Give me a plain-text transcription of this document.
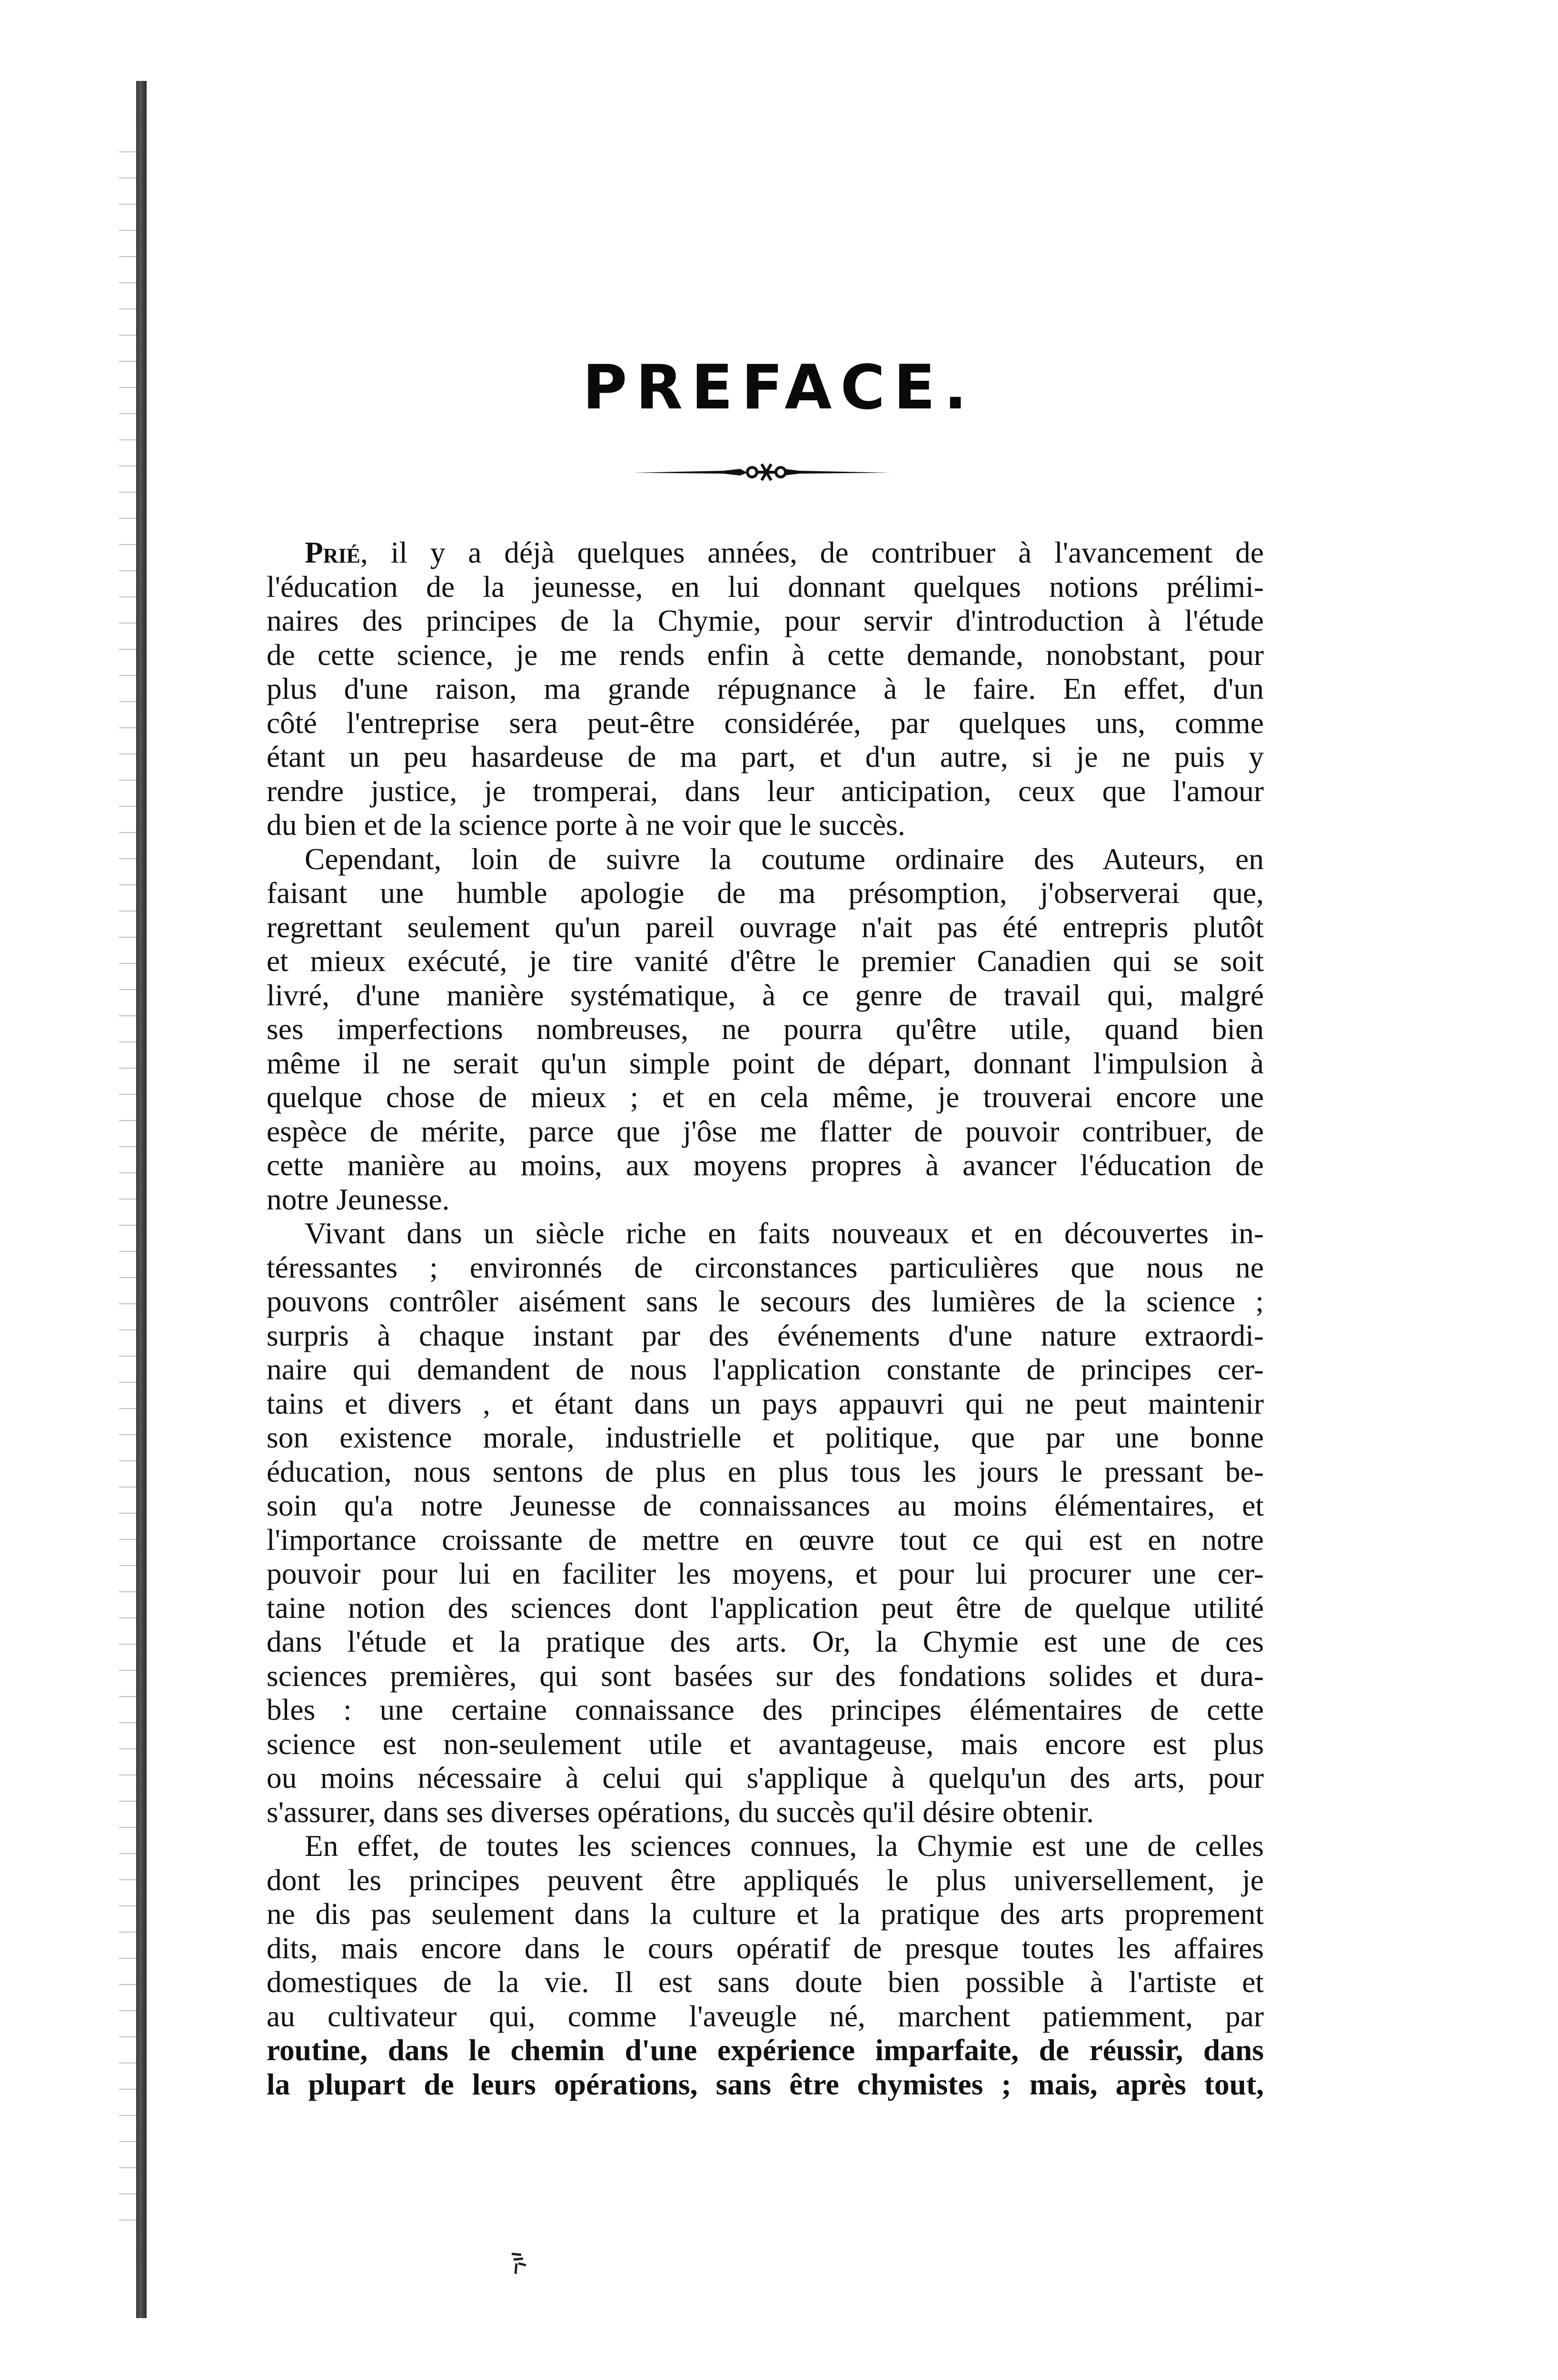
PREFACE.
Prié, il y a déjà quelques années, de contribuer à l'avancement de
l'éducation de la jeunesse, en lui donnant quelques notions prélimi-
naires des principes de la Chymie, pour servir d'introduction à l'étude
de cette science, je me rends enfin à cette demande, nonobstant, pour
plus d'une raison, ma grande répugnance à le faire. En effet, d'un
côté l'entreprise sera peut-être considérée, par quelques uns, comme
étant un peu hasardeuse de ma part, et d'un autre, si je ne puis y
rendre justice, je tromperai, dans leur anticipation, ceux que l'amour
du bien et de la science porte à ne voir que le succès.
Cependant, loin de suivre la coutume ordinaire des Auteurs, en
faisant une humble apologie de ma présomption, j'observerai que,
regrettant seulement qu'un pareil ouvrage n'ait pas été entrepris plutôt
et mieux exécuté, je tire vanité d'être le premier Canadien qui se soit
livré, d'une manière systématique, à ce genre de travail qui, malgré
ses imperfections nombreuses, ne pourra qu'être utile, quand bien
même il ne serait qu'un simple point de départ, donnant l'impulsion à
quelque chose de mieux ; et en cela même, je trouverai encore une
espèce de mérite, parce que j'ôse me flatter de pouvoir contribuer, de
cette manière au moins, aux moyens propres à avancer l'éducation de
notre Jeunesse.
Vivant dans un siècle riche en faits nouveaux et en découvertes in-
téressantes ; environnés de circonstances particulières que nous ne
pouvons contrôler aisément sans le secours des lumières de la science ;
surpris à chaque instant par des événements d'une nature extraordi-
naire qui demandent de nous l'application constante de principes cer-
tains et divers , et étant dans un pays appauvri qui ne peut maintenir
son existence morale, industrielle et politique, que par une bonne
éducation, nous sentons de plus en plus tous les jours le pressant be-
soin qu'a notre Jeunesse de connaissances au moins élémentaires, et
l'importance croissante de mettre en œuvre tout ce qui est en notre
pouvoir pour lui en faciliter les moyens, et pour lui procurer une cer-
taine notion des sciences dont l'application peut être de quelque utilité
dans l'étude et la pratique des arts. Or, la Chymie est une de ces
sciences premières, qui sont basées sur des fondations solides et dura-
bles : une certaine connaissance des principes élémentaires de cette
science est non-seulement utile et avantageuse, mais encore est plus
ou moins nécessaire à celui qui s'applique à quelqu'un des arts, pour
s'assurer, dans ses diverses opérations, du succès qu'il désire obtenir.
En effet, de toutes les sciences connues, la Chymie est une de celles
dont les principes peuvent être appliqués le plus universellement, je
ne dis pas seulement dans la culture et la pratique des arts proprement
dits, mais encore dans le cours opératif de presque toutes les affaires
domestiques de la vie. Il est sans doute bien possible à l'artiste et
au cultivateur qui, comme l'aveugle né, marchent patiemment, par
routine, dans le chemin d'une expérience imparfaite, de réussir, dans
la plupart de leurs opérations, sans être chymistes ; mais, après tout,
